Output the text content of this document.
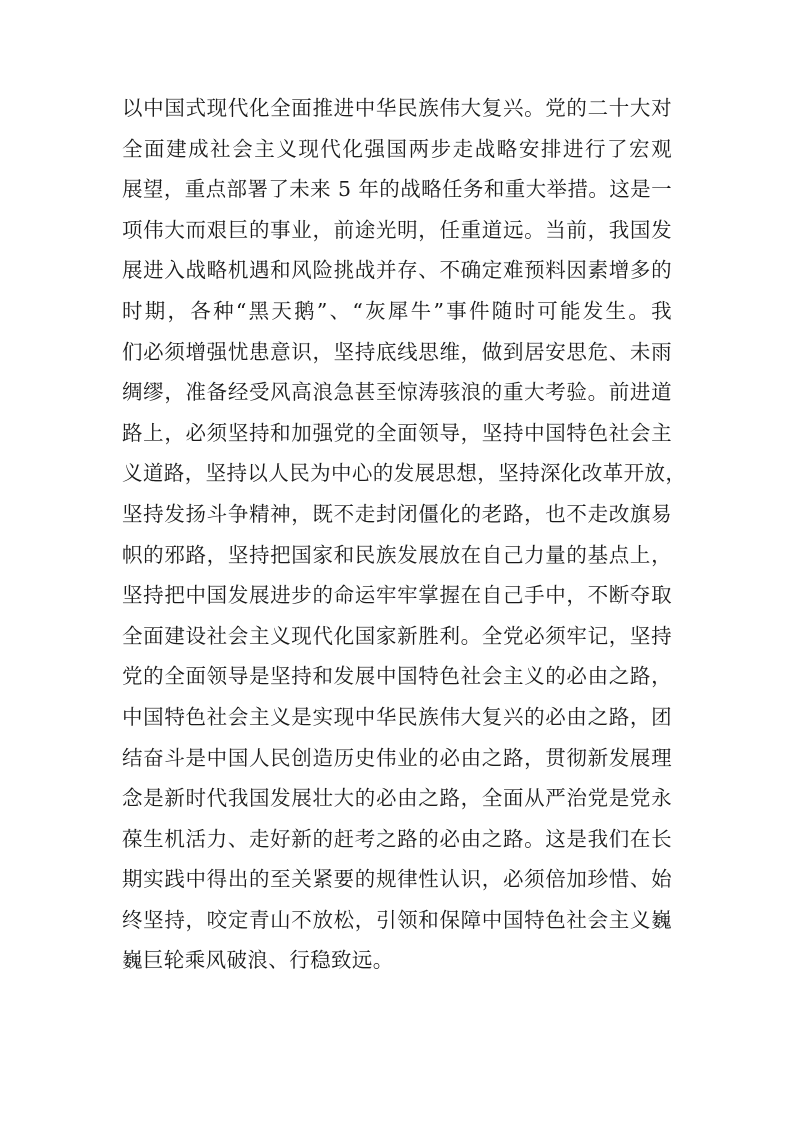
以中国式现代化全面推进中华民族伟大复兴。党的二十大对
全面建成社会主义现代化强国两步走战略安排进行了宏观
展望，重点部署了未来 5 年的战略任务和重大举措。这是一
项伟大而艰巨的事业，前途光明，任重道远。当前，我国发
展进入战略机遇和风险挑战并存、不确定难预料因素增多的
时期，各种“黑天鹅”、“灰犀牛”事件随时可能发生。我
们必须增强忧患意识，坚持底线思维，做到居安思危、未雨
绸缪，准备经受风高浪急甚至惊涛骇浪的重大考验。前进道
路上，必须坚持和加强党的全面领导，坚持中国特色社会主
义道路，坚持以人民为中心的发展思想，坚持深化改革开放，
坚持发扬斗争精神，既不走封闭僵化的老路，也不走改旗易
帜的邪路，坚持把国家和民族发展放在自己力量的基点上，
坚持把中国发展进步的命运牢牢掌握在自己手中，不断夺取
全面建设社会主义现代化国家新胜利。全党必须牢记，坚持
党的全面领导是坚持和发展中国特色社会主义的必由之路，
中国特色社会主义是实现中华民族伟大复兴的必由之路，团
结奋斗是中国人民创造历史伟业的必由之路，贯彻新发展理
念是新时代我国发展壮大的必由之路，全面从严治党是党永
葆生机活力、走好新的赶考之路的必由之路。这是我们在长
期实践中得出的至关紧要的规律性认识，必须倍加珍惜、始
终坚持，咬定青山不放松，引领和保障中国特色社会主义巍
巍巨轮乘风破浪、行稳致远。
